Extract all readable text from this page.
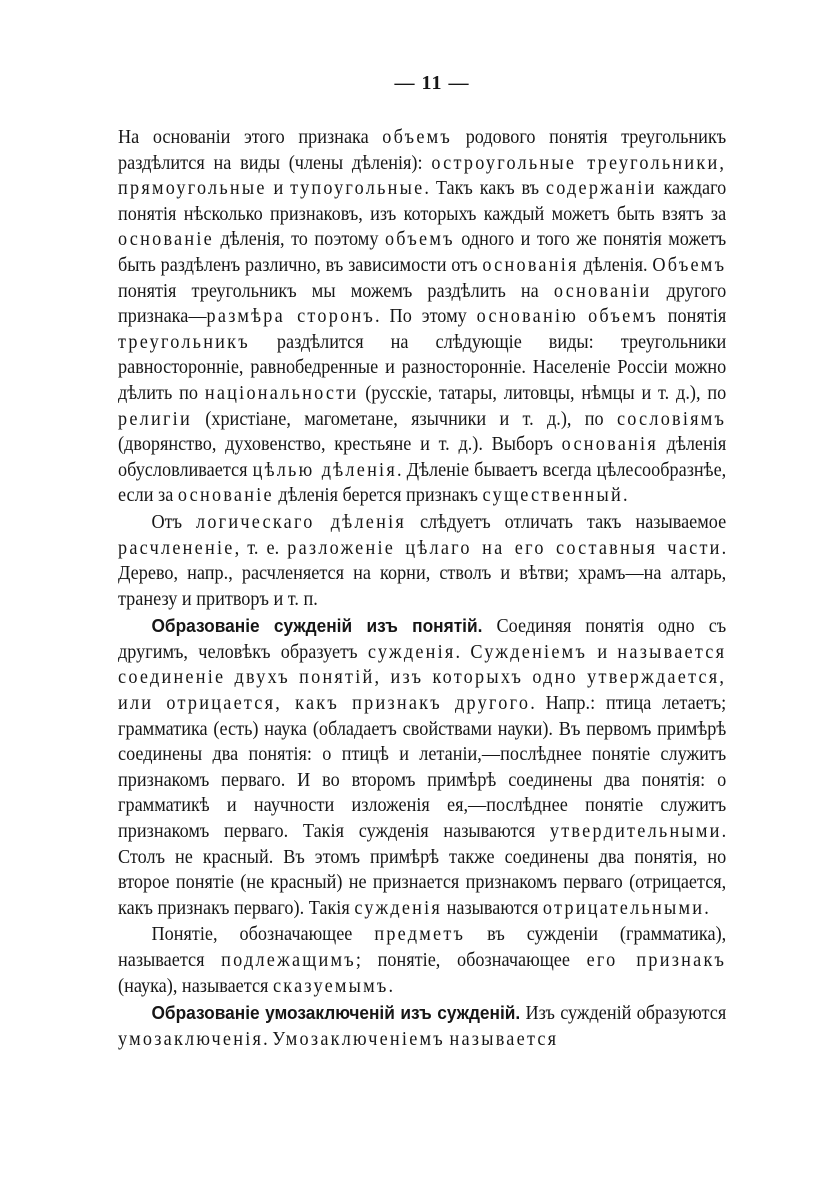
— 11 —

На основаніи этого признака объемъ родового понятія треугольникъ раздѣлится на виды (члены дѣленія): остроугольные треугольники, прямоугольные и тупоугольные. Такъ какъ въ содержаніи каждаго понятія нѣсколько признаковъ, изъ которыхъ каждый можетъ быть взятъ за основаніе дѣленія, то поэтому объемъ одного и того же понятія можетъ быть раздѣленъ различно, въ зависимости отъ основанія дѣленія. Объемъ понятія треугольникъ мы можемъ раздѣлить на основаніи другого признака—размѣра сторонъ. По этому основанію объемъ понятія треугольникъ раздѣлится на слѣдующіе виды: треугольники равносторонніе, равнобедренные и разносторонніе. Населеніе Россіи можно дѣлить по національности (русскіе, татары, литовцы, нѣмцы и т. д.), по религіи (христіане, магометане, язычники и т. д.), по сословіямъ (дворянство, духовенство, крестьяне и т. д.). Выборъ основанія дѣленія обусловливается цѣлью дѣленія. Дѣленіе бываетъ всегда цѣлесообразнѣе, если за основаніе дѣленія берется признакъ существенный.

Отъ логическаго дѣленія слѣдуетъ отличать такъ называемое расчлененіе, т. е. разложеніе цѣлаго на его составныя части. Дерево, напр., расчленяется на корни, стволъ и вѣтви; храмъ—на алтарь, транезу и притворъ и т. п.

Образованіе сужденій изъ понятій. Соединяя понятія одно съ другимъ, человѣкъ образуетъ сужденія. Сужденіемъ и называется соединеніе двухъ понятій, изъ которыхъ одно утверждается, или отрицается, какъ признакъ другого. Напр.: птица летаетъ; грамматика (есть) наука (обладаетъ свойствами науки). Въ первомъ примѣрѣ соединены два понятія: о птицѣ и летаніи,—послѣднее понятіе служитъ признакомъ перваго. И во второмъ примѣрѣ соединены два понятія: о грамматикѣ и научности изложенія ея,—послѣднее понятіе служитъ признакомъ перваго. Такія сужденія называются утвердительными. Столъ не красный. Въ этомъ примѣрѣ также соединены два понятія, но второе понятіе (не красный) не признается признакомъ перваго (отрицается, какъ признакъ перваго). Такія сужденія называются отрицательными.

Понятіе, обозначающее предметъ въ сужденіи (грамматика), называется подлежащимъ; понятіе, обозначающее его признакъ (наука), называется сказуемымъ.

Образованіе умозаключеній изъ сужденій. Изъ сужденій образуются умозаключенія. Умозаключеніемъ называется
